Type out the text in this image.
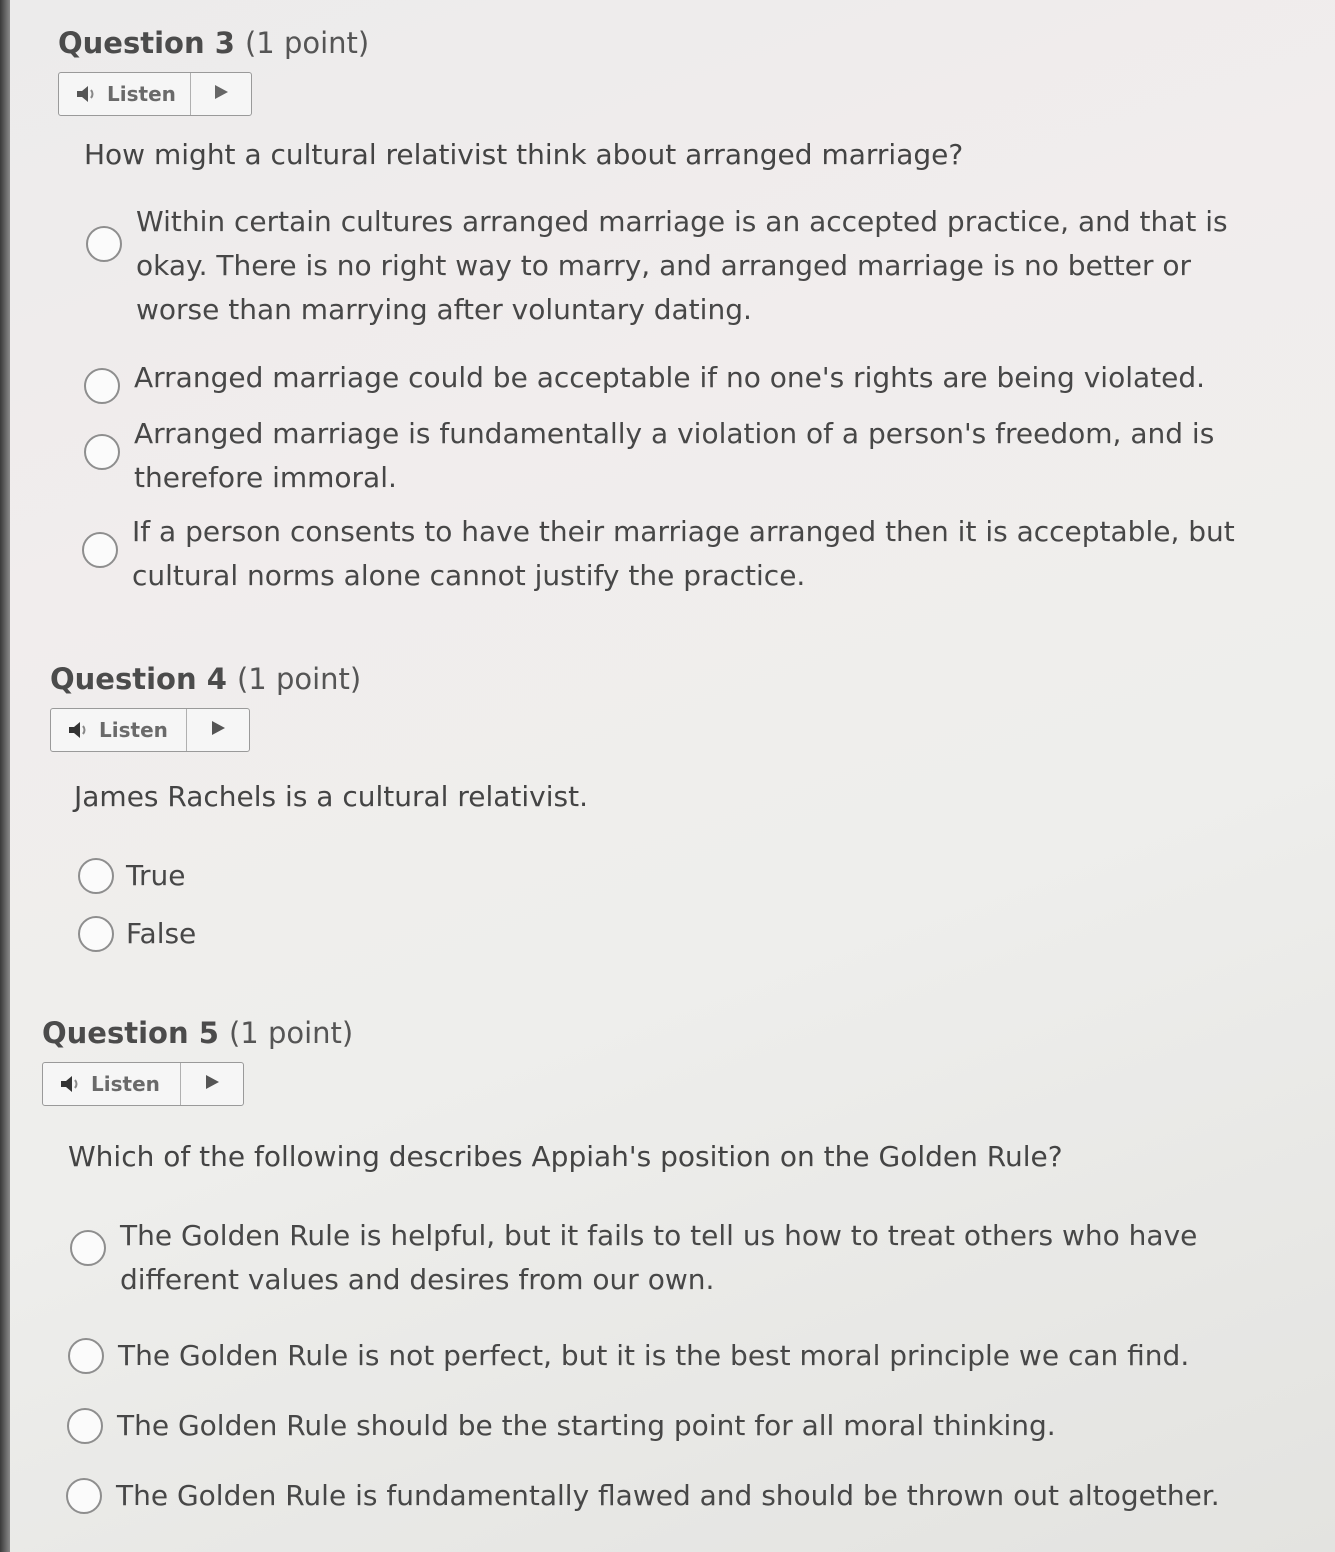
Question 3 (1 point)
Listen

How might a cultural relativist think about arranged marriage?

Within certain cultures arranged marriage is an accepted practice, and that is okay. There is no right way to marry, and arranged marriage is no better or worse than marrying after voluntary dating.
Arranged marriage could be acceptable if no one's rights are being violated.
Arranged marriage is fundamentally a violation of a person's freedom, and is therefore immoral.
If a person consents to have their marriage arranged then it is acceptable, but cultural norms alone cannot justify the practice.
Question 4 (1 point)
Listen

James Rachels is a cultural relativist.

True
False
Question 5 (1 point)
Listen

Which of the following describes Appiah's position on the Golden Rule?

The Golden Rule is helpful, but it fails to tell us how to treat others who have different values and desires from our own.
The Golden Rule is not perfect, but it is the best moral principle we can find.
The Golden Rule should be the starting point for all moral thinking.
The Golden Rule is fundamentally flawed and should be thrown out altogether.
